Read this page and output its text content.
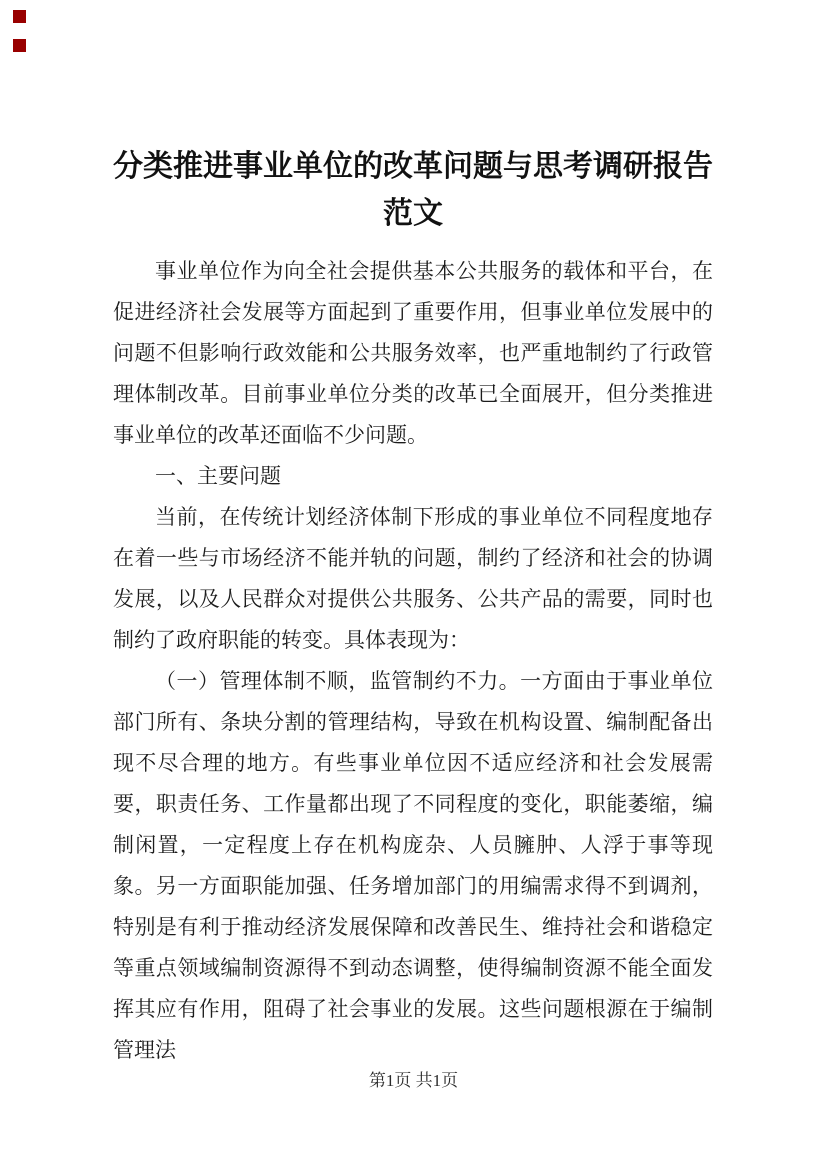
分类推进事业单位的改革问题与思考调研报告
范文

事业单位作为向全社会提供基本公共服务的载体和平台，在促进经济社会发展等方面起到了重要作用，但事业单位发展中的问题不但影响行政效能和公共服务效率，也严重地制约了行政管理体制改革。目前事业单位分类的改革已全面展开，但分类推进事业单位的改革还面临不少问题。

一、主要问题

当前，在传统计划经济体制下形成的事业单位不同程度地存在着一些与市场经济不能并轨的问题，制约了经济和社会的协调发展，以及人民群众对提供公共服务、公共产品的需要，同时也制约了政府职能的转变。具体表现为：

（一）管理体制不顺，监管制约不力。一方面由于事业单位部门所有、条块分割的管理结构，导致在机构设置、编制配备出现不尽合理的地方。有些事业单位因不适应经济和社会发展需要，职责任务、工作量都出现了不同程度的变化，职能萎缩，编制闲置，一定程度上存在机构庞杂、人员臃肿、人浮于事等现象。另一方面职能加强、任务增加部门的用编需求得不到调剂，特别是有利于推动经济发展保障和改善民生、维持社会和谐稳定等重点领域编制资源得不到动态调整，使得编制资源不能全面发挥其应有作用，阻碍了社会事业的发展。这些问题根源在于编制管理法

第1页 共1页
